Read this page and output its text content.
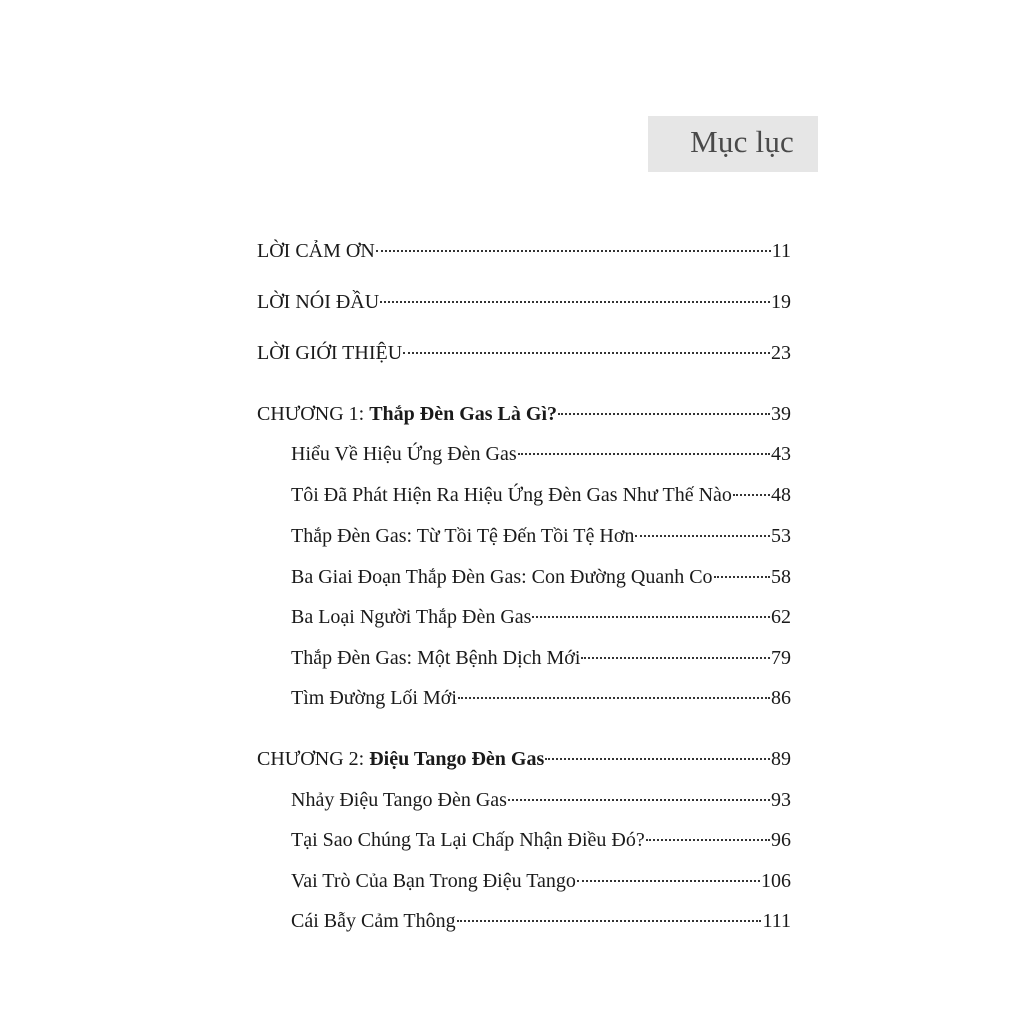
Mục lục
LỜI CẢM ƠN	11
LỜI NÓI ĐẦU	19
LỜI GIỚI THIỆU	23
CHƯƠNG 1: Thắp Đèn Gas Là Gì?	39
Hiểu Về Hiệu Ứng Đèn Gas	43
Tôi Đã Phát Hiện Ra Hiệu Ứng Đèn Gas Như Thế Nào 48
Thắp Đèn Gas: Từ Tồi Tệ Đến Tồi Tệ Hơn	53
Ba Giai Đoạn Thắp Đèn Gas: Con Đường Quanh Co	58
Ba Loại Người Thắp Đèn Gas	62
Thắp Đèn Gas: Một Bệnh Dịch Mới	79
Tìm Đường Lối Mới	86
CHƯƠNG 2: Điệu Tango Đèn Gas	89
Nhảy Điệu Tango Đèn Gas	93
Tại Sao Chúng Ta Lại Chấp Nhận Điều Đó?	96
Vai Trò Của Bạn Trong Điệu Tango	106
Cái Bẫy Cảm Thông	111
